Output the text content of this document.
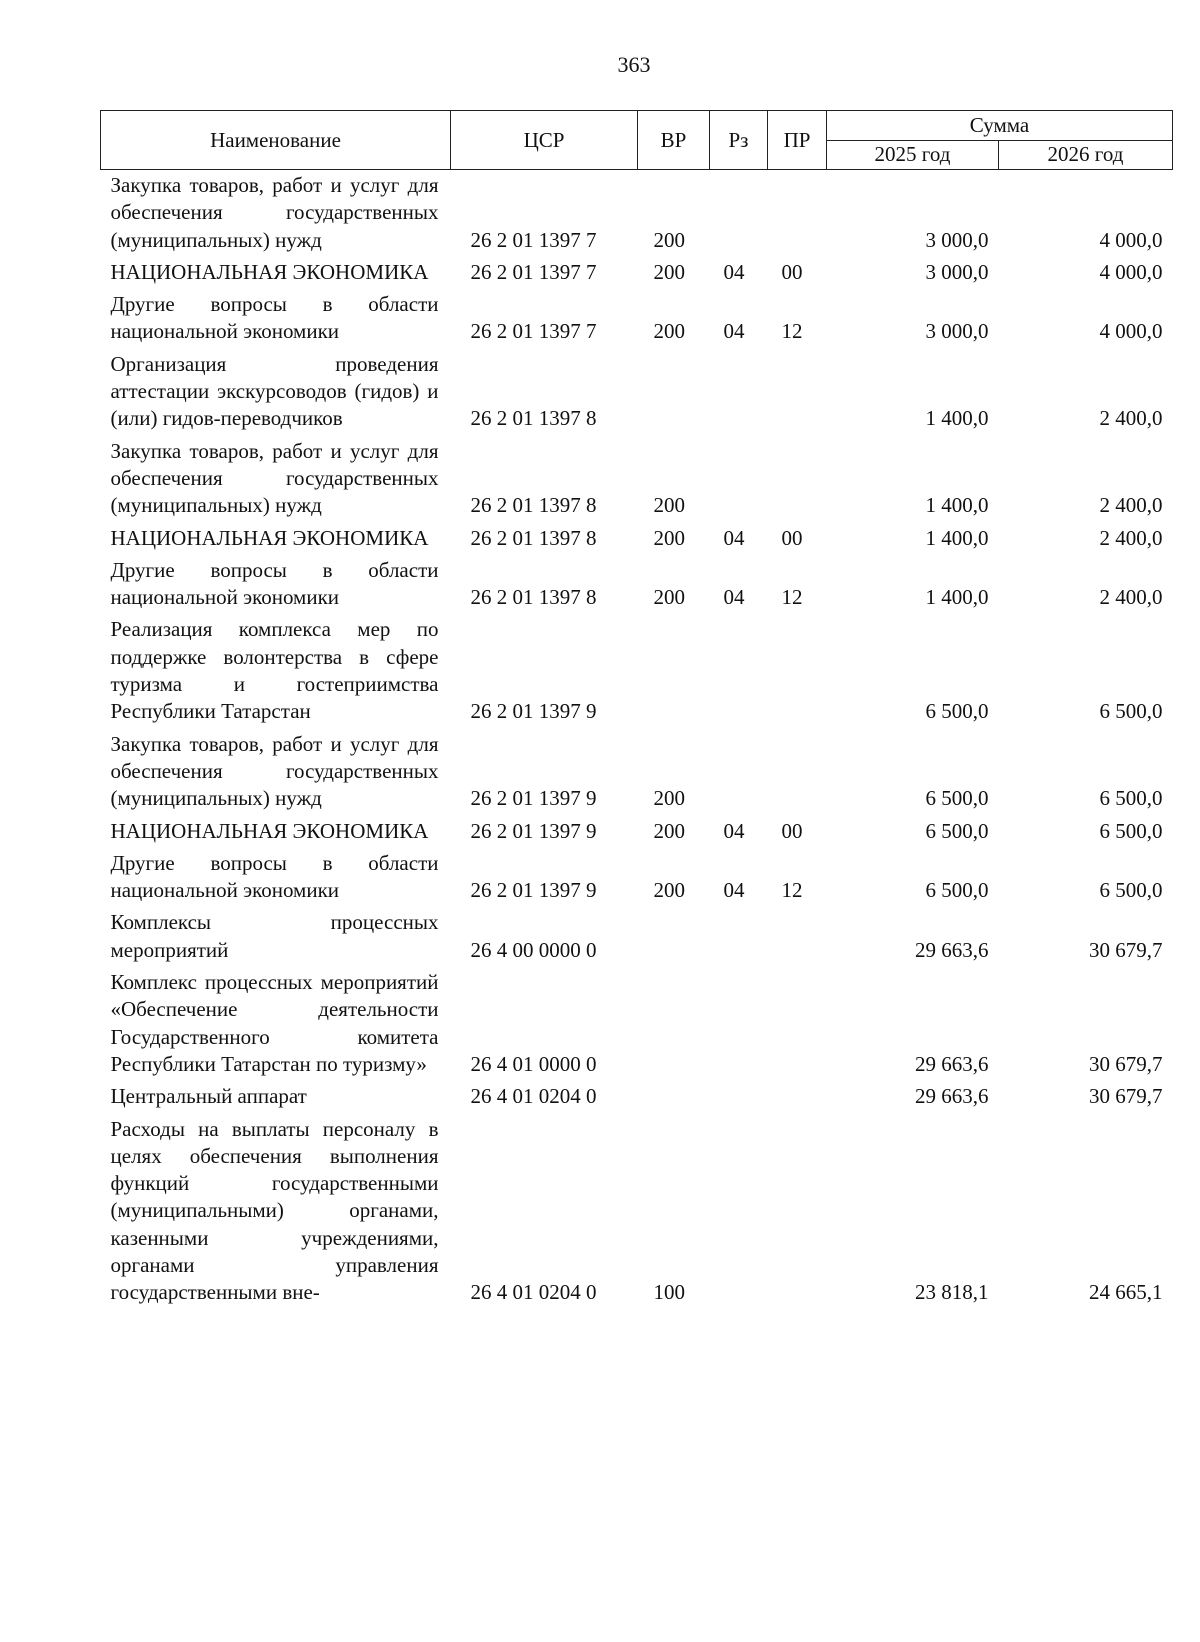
363
Наименование	ЦСР	ВР	Рз	ПР	Сумма	
					2025 год	2026 год
Закупка товаров, работ и услуг для обеспечения государственных (муниципальных) нужд	26 2 01 1397 7	200			3 000,0	4 000,0
НАЦИОНАЛЬНАЯ ЭКОНОМИКА	26 2 01 1397 7	200	04	00	3 000,0	4 000,0
Другие вопросы в области национальной экономики	26 2 01 1397 7	200	04	12	3 000,0	4 000,0
Организация проведения аттестации экскурсоводов (гидов) и (или) гидов-переводчиков	26 2 01 1397 8				1 400,0	2 400,0
Закупка товаров, работ и услуг для обеспечения государственных (муниципальных) нужд	26 2 01 1397 8	200			1 400,0	2 400,0
НАЦИОНАЛЬНАЯ ЭКОНОМИКА	26 2 01 1397 8	200	04	00	1 400,0	2 400,0
Другие вопросы в области национальной экономики	26 2 01 1397 8	200	04	12	1 400,0	2 400,0
Реализация комплекса мер по поддержке волонтерства в сфере туризма и гостеприимства Республики Татарстан	26 2 01 1397 9				6 500,0	6 500,0
Закупка товаров, работ и услуг для обеспечения государственных (муниципальных) нужд	26 2 01 1397 9	200			6 500,0	6 500,0
НАЦИОНАЛЬНАЯ ЭКОНОМИКА	26 2 01 1397 9	200	04	00	6 500,0	6 500,0
Другие вопросы в области национальной экономики	26 2 01 1397 9	200	04	12	6 500,0	6 500,0
Комплексы процессных мероприятий	26 4 00 0000 0				29 663,6	30 679,7
Комплекс процессных мероприятий «Обеспечение деятельности Государственного комитета Республики Татарстан по туризму»	26 4 01 0000 0				29 663,6	30 679,7
Центральный аппарат	26 4 01 0204 0				29 663,6	30 679,7
Расходы на выплаты персоналу в целях обеспечения выполнения функций государственными (муниципальными) органами, казенными учреждениями, органами управления государственными вне-	26 4 01 0204 0	100			23 818,1	24 665,1
